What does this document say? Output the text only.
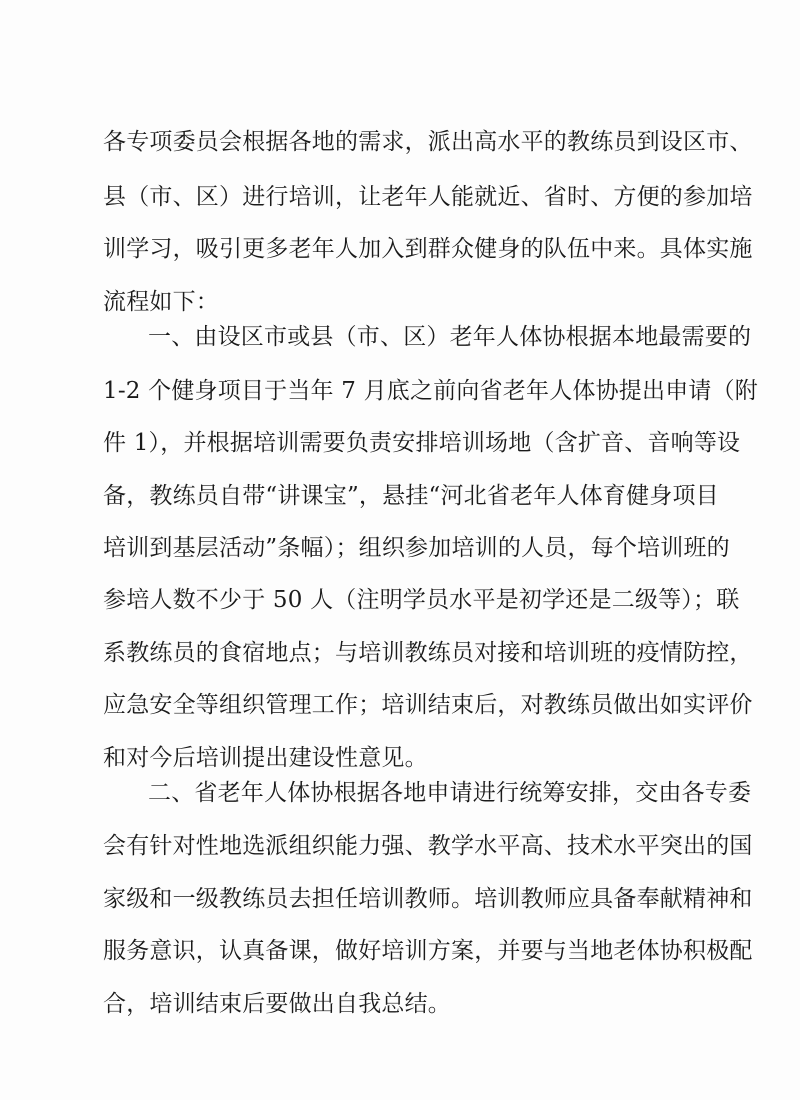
各专项委员会根据各地的需求，派出高水平的教练员到设区市、

县（市、区）进行培训，让老年人能就近、省时、方便的参加培

训学习，吸引更多老年人加入到群众健身的队伍中来。具体实施

流程如下：

一、由设区市或县（市、区）老年人体协根据本地最需要的

1-2 个健身项目于当年 7 月底之前向省老年人体协提出申请（附

件 1），并根据培训需要负责安排培训场地（含扩音、音响等设

备，教练员自带“讲课宝”，悬挂“河北省老年人体育健身项目

培训到基层活动”条幅）；组织参加培训的人员，每个培训班的

参培人数不少于 50 人（注明学员水平是初学还是二级等）；联

系教练员的食宿地点；与培训教练员对接和培训班的疫情防控，

应急安全等组织管理工作；培训结束后，对教练员做出如实评价

和对今后培训提出建设性意见。

二、省老年人体协根据各地申请进行统筹安排，交由各专委

会有针对性地选派组织能力强、教学水平高、技术水平突出的国

家级和一级教练员去担任培训教师。培训教师应具备奉献精神和

服务意识，认真备课，做好培训方案，并要与当地老体协积极配

合，培训结束后要做出自我总结。
